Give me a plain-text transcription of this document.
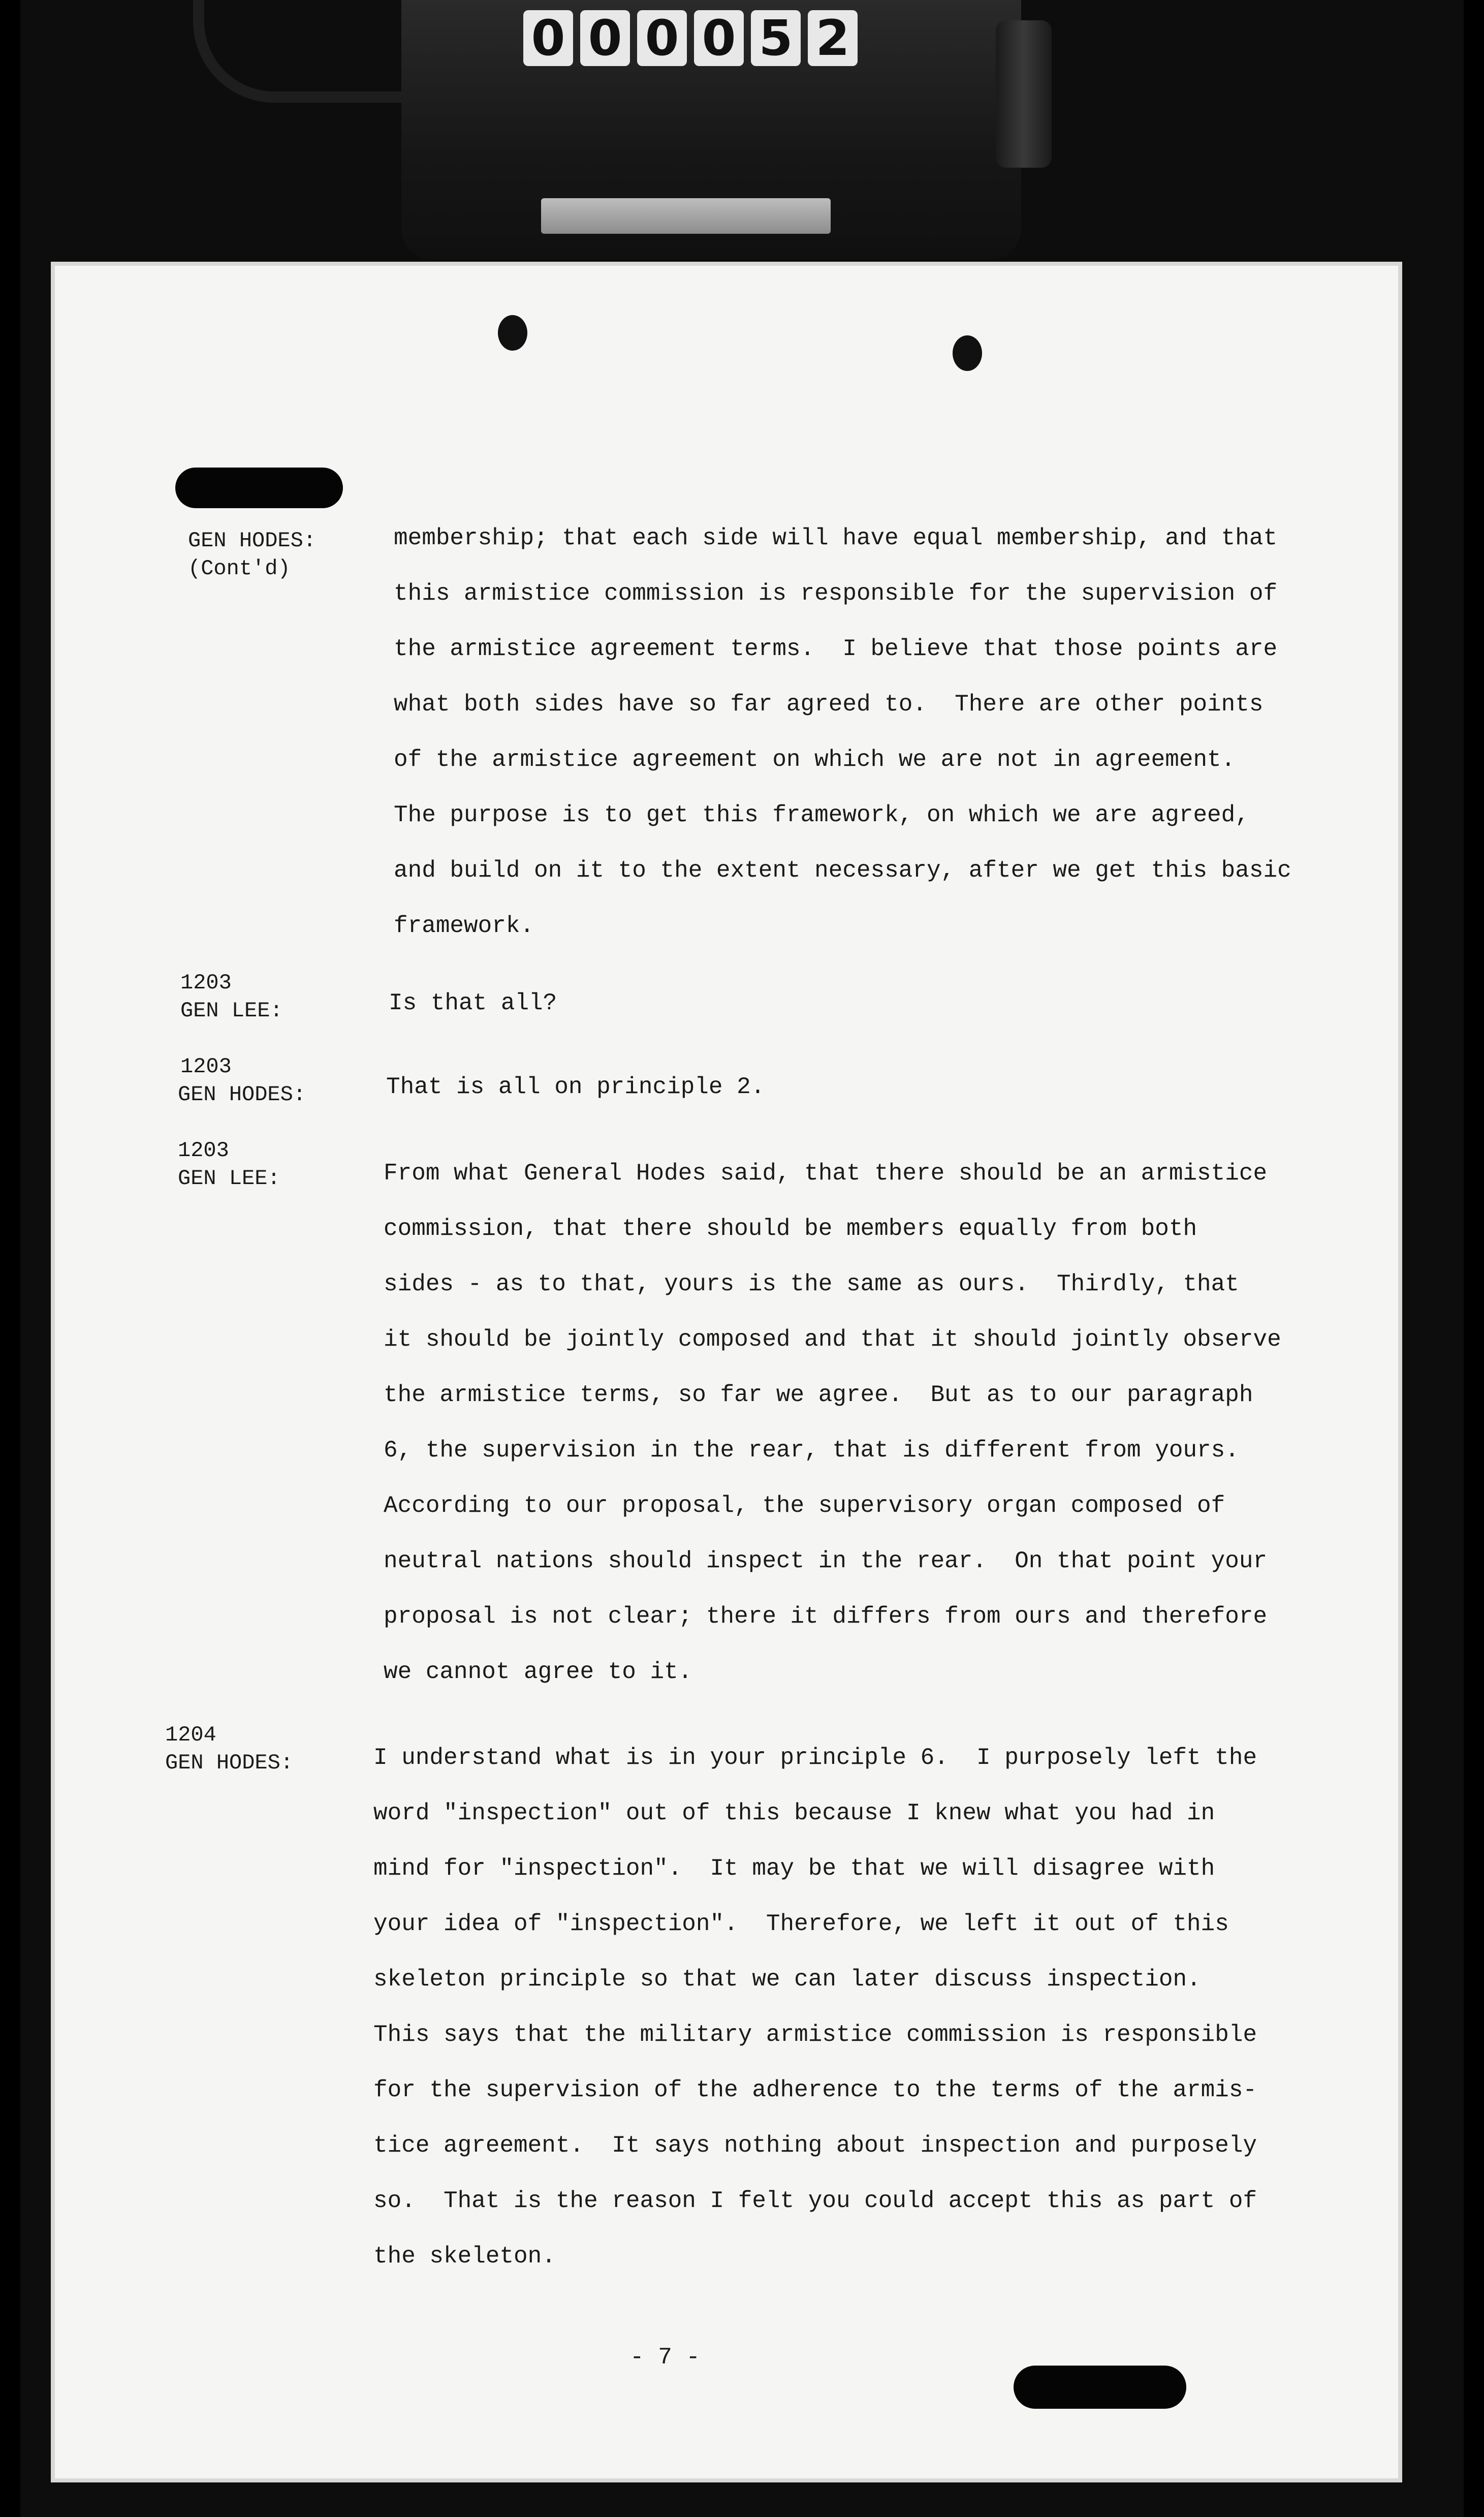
0 0 0 0 5 2
GEN HODES:
(Cont'd)
membership; that each side will have equal membership, and that
this armistice commission is responsible for the supervision of
the armistice agreement terms.  I believe that those points are
what both sides have so far agreed to.  There are other points
of the armistice agreement on which we are not in agreement.
The purpose is to get this framework, on which we are agreed,
and build on it to the extent necessary, after we get this basic
framework.
1203
GEN LEE:	Is that all?
1203
GEN HODES:	That is all on principle 2.
1203
GEN LEE:	From what General Hodes said, that there should be an armistice
commission, that there should be members equally from both
sides - as to that, yours is the same as ours.  Thirdly, that
it should be jointly composed and that it should jointly observe
the armistice terms, so far we agree.  But as to our paragraph
6, the supervision in the rear, that is different from yours.
According to our proposal, the supervisory organ composed of
neutral nations should inspect in the rear.  On that point your
proposal is not clear; there it differs from ours and therefore
we cannot agree to it.
1204
GEN HODES:	I understand what is in your principle 6.  I purposely left the
word "inspection" out of this because I knew what you had in
mind for "inspection".  It may be that we will disagree with
your idea of "inspection".  Therefore, we left it out of this
skeleton principle so that we can later discuss inspection.
This says that the military armistice commission is responsible
for the supervision of the adherence to the terms of the armis-
tice agreement.  It says nothing about inspection and purposely
so.  That is the reason I felt you could accept this as part of
the skeleton.
- 7 -
